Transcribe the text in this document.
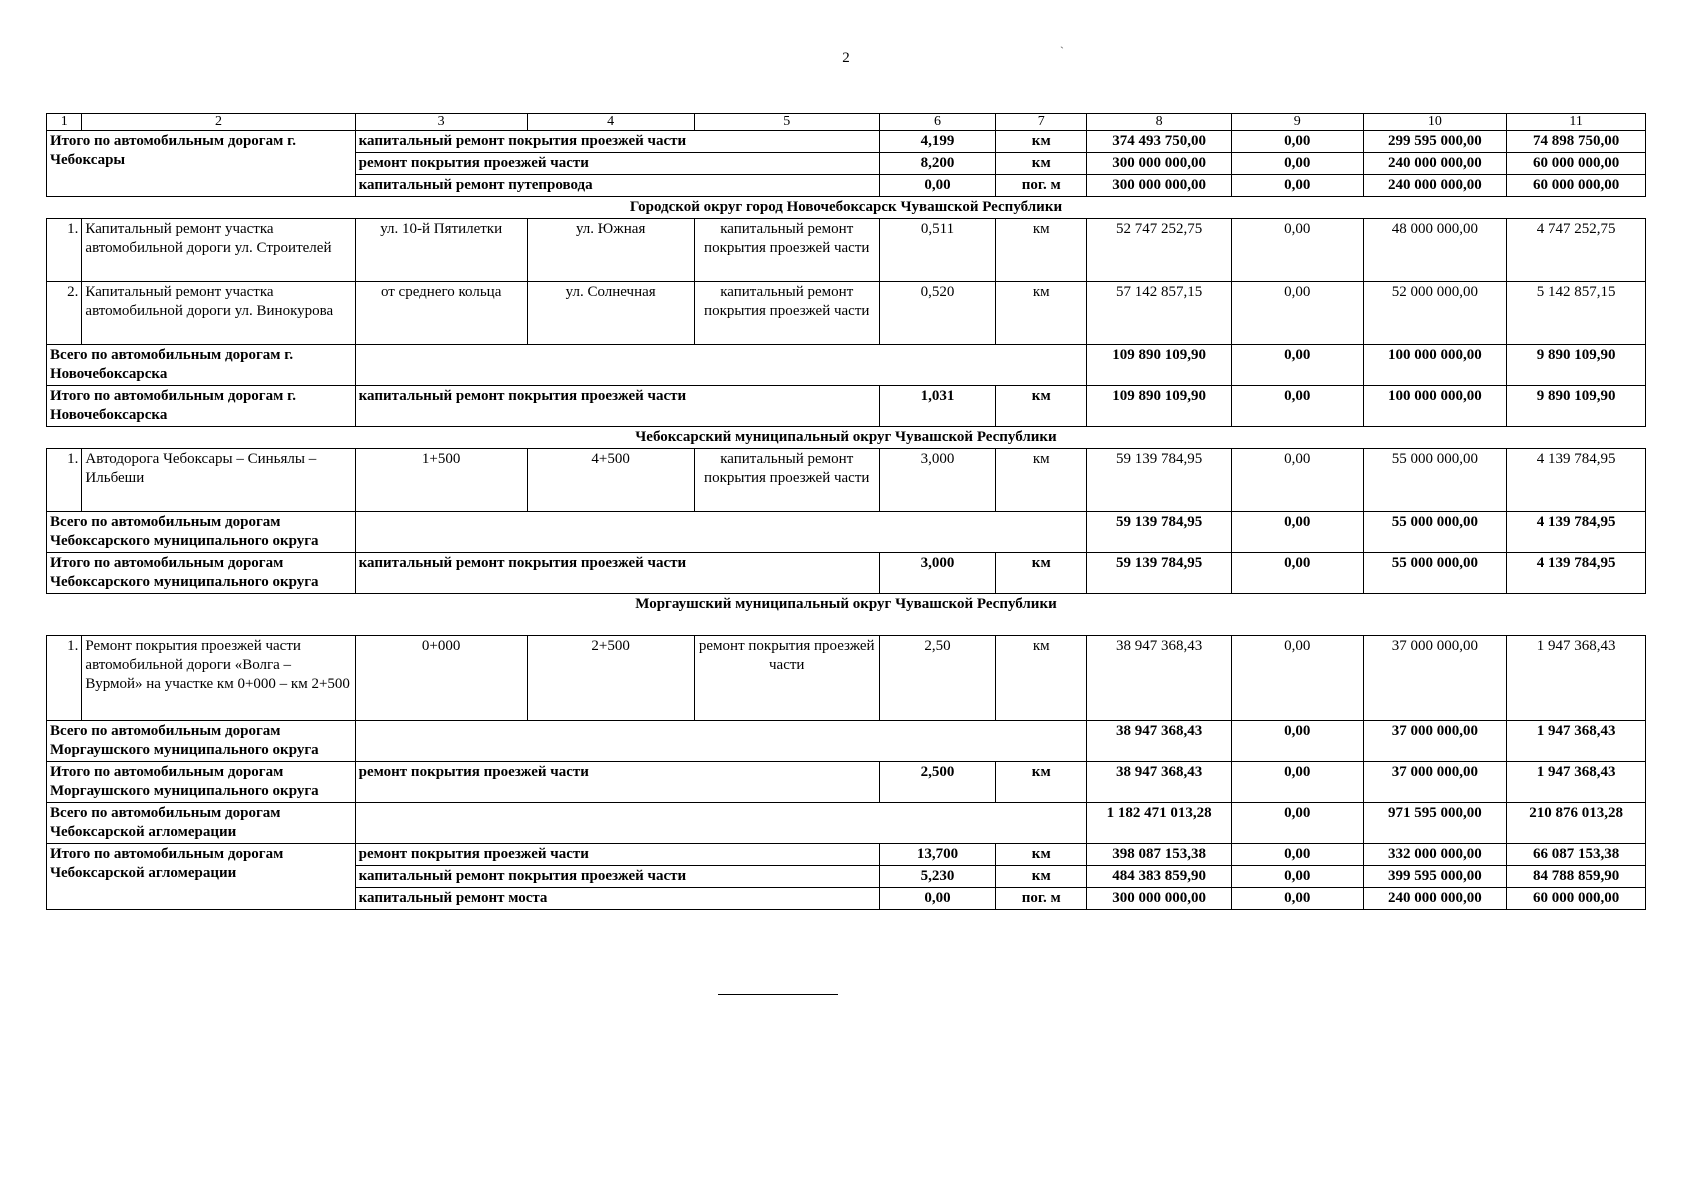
2	`
1	2	3	4	5	6	7	8	9	10	11
Итого по автомобильным дорогам г. Чебоксары		капитальный ремонт покрытия проезжей части			4,199	км	374 493 750,00	0,00	299 595 000,00	74 898 750,00
		ремонт покрытия проезжей части			8,200	км	300 000 000,00	0,00	240 000 000,00	60 000 000,00
		капитальный ремонт путепровода			0,00	пог. м	300 000 000,00	0,00	240 000 000,00	60 000 000,00
Городской округ город Новочебоксарск Чувашской Республики										
1.	Капитальный ремонт участка автомобильной дороги ул. Строителей	ул. 10-й Пятилетки	ул. Южная	капитальный ремонт покрытия проезжей части	0,511	км	52 747 252,75	0,00	48 000 000,00	4 747 252,75
2.	Капитальный ремонт участка автомобильной дороги ул. Винокурова	от среднего кольца	ул. Солнечная	капитальный ремонт покрытия проезжей части	0,520	км	57 142 857,15	0,00	52 000 000,00	5 142 857,15
Всего по автомобильным дорогам г. Новочебоксарска							109 890 109,90	0,00	100 000 000,00	9 890 109,90
Итого по автомобильным дорогам г. Новочебоксарска		капитальный ремонт покрытия проезжей части			1,031	км	109 890 109,90	0,00	100 000 000,00	9 890 109,90
Чебоксарский муниципальный округ Чувашской Республики										
1.	Автодорога Чебоксары – Синьялы – Ильбеши	1+500	4+500	капитальный ремонт покрытия проезжей части	3,000	км	59 139 784,95	0,00	55 000 000,00	4 139 784,95
Всего по автомобильным дорогам Чебоксарского муниципального округа							59 139 784,95	0,00	55 000 000,00	4 139 784,95
Итого по автомобильным дорогам Чебоксарского муниципального округа		капитальный ремонт покрытия проезжей части			3,000	км	59 139 784,95	0,00	55 000 000,00	4 139 784,95
Моргаушский муниципальный округ Чувашской Республики										
1.	Ремонт покрытия проезжей части автомобильной дороги «Волга – Вурмой» на участке км 0+000 – км 2+500	0+000	2+500	ремонт покрытия проезжей части	2,50	км	38 947 368,43	0,00	37 000 000,00	1 947 368,43
Всего по автомобильным дорогам Моргаушского муниципального округа							38 947 368,43	0,00	37 000 000,00	1 947 368,43
Итого по автомобильным дорогам Моргаушского муниципального округа		ремонт покрытия проезжей части			2,500	км	38 947 368,43	0,00	37 000 000,00	1 947 368,43
Всего по автомобильным дорогам Чебоксарской агломерации							1 182 471 013,28	0,00	971 595 000,00	210 876 013,28
Итого по автомобильным дорогам Чебоксарской агломерации		ремонт покрытия проезжей части			13,700	км	398 087 153,38	0,00	332 000 000,00	66 087 153,38
		капитальный ремонт покрытия проезжей части			5,230	км	484 383 859,90	0,00	399 595 000,00	84 788 859,90
		капитальный ремонт моста			0,00	пог. м	300 000 000,00	0,00	240 000 000,00	60 000 000,00
